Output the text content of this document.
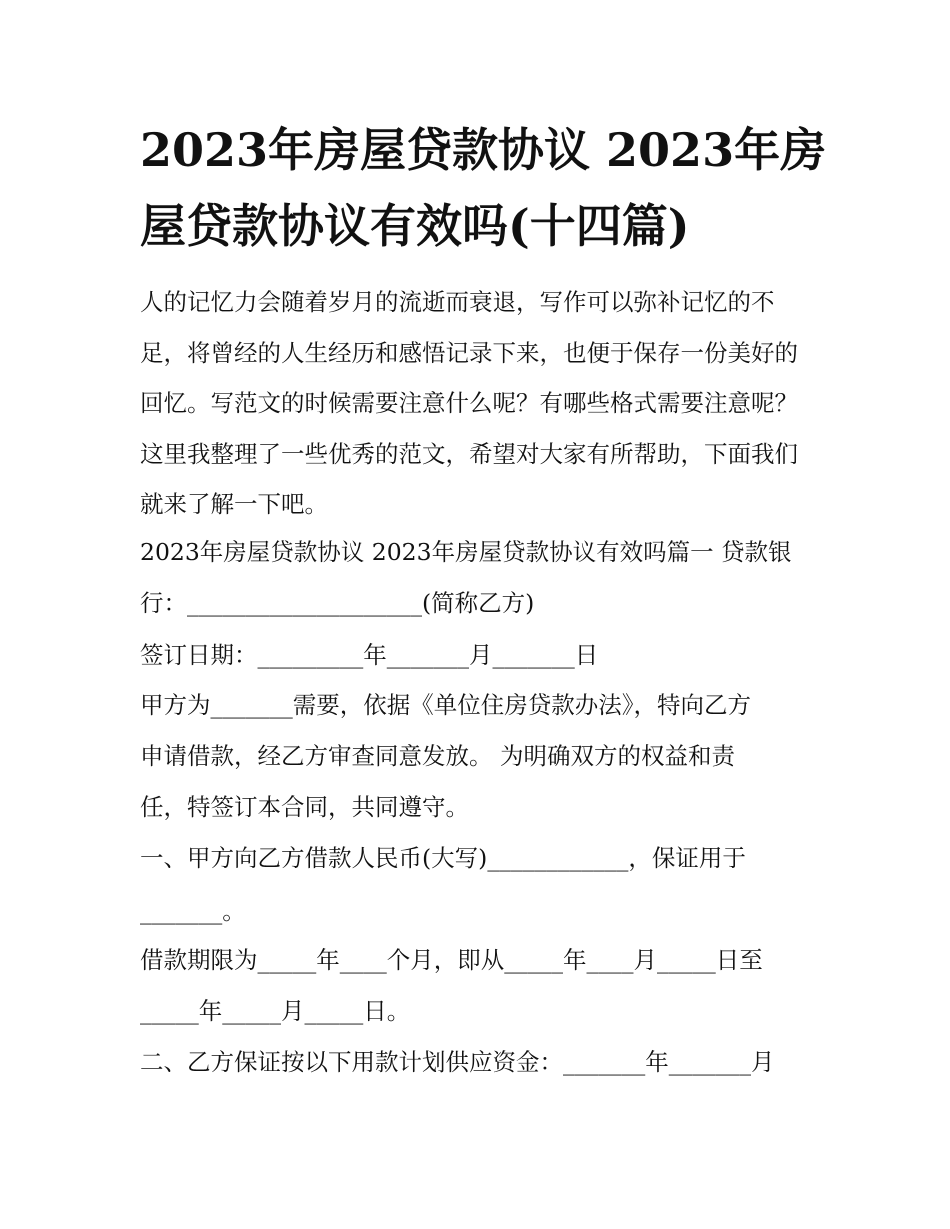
2023年房屋贷款协议 2023年房屋贷款协议有效吗(十四篇)

人的记忆力会随着岁月的流逝而衰退，写作可以弥补记忆的不足，将曾经的人生经历和感悟记录下来，也便于保存一份美好的回忆。写范文的时候需要注意什么呢？有哪些格式需要注意呢？这里我整理了一些优秀的范文，希望对大家有所帮助，下面我们就来了解一下吧。

2023年房屋贷款协议 2023年房屋贷款协议有效吗篇一 贷款银

行：____________________(简称乙方)

签订日期：_________年_______月_______日

甲方为_______需要，依据《单位住房贷款办法》，特向乙方

申请借款，经乙方审查同意发放。 为明确双方的权益和责

任，特签订本合同，共同遵守。

一、甲方向乙方借款人民币(大写)____________，保证用于

_______。

借款期限为_____年____个月，即从_____年____月_____日至

_____年_____月_____日。

二、乙方保证按以下用款计划供应资金：_______年_______月
